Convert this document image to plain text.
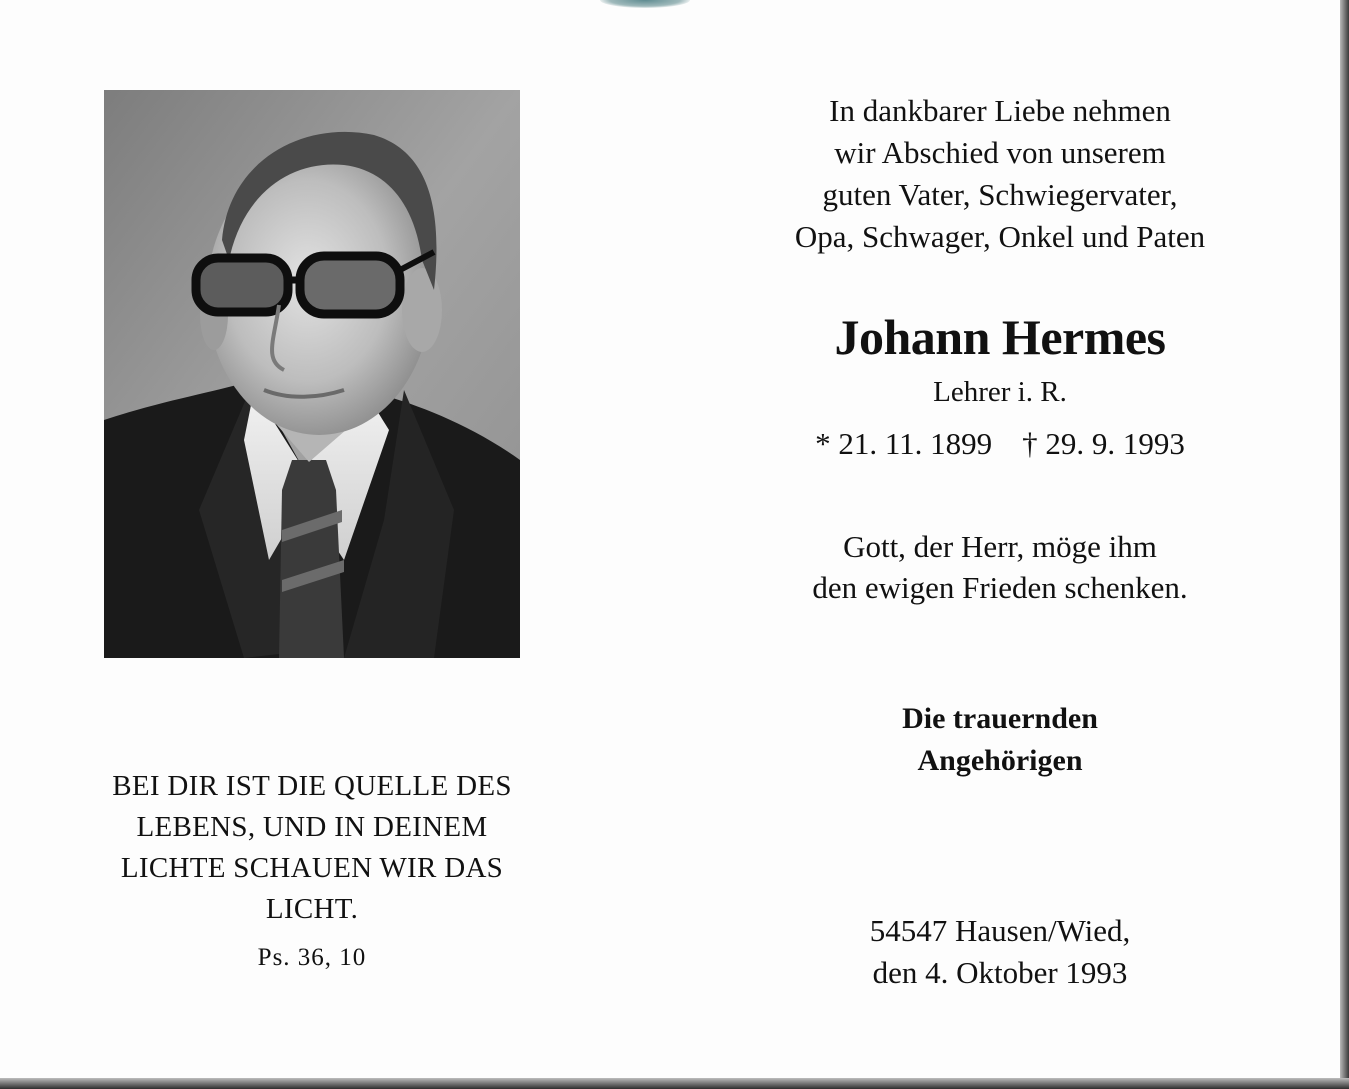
BEI DIR IST DIE QUELLE DES
LEBENS, UND IN DEINEM
LICHTE SCHAUEN WIR DAS
LICHT.
Ps. 36, 10
In dankbarer Liebe nehmen
wir Abschied von unserem
guten Vater, Schwiegervater,
Opa, Schwager, Onkel und Paten
Johann Hermes
Lehrer i. R.
* 21. 11. 1899 † 29. 9. 1993
Gott, der Herr, möge ihm
den ewigen Frieden schenken.
Die trauernden
Angehörigen
54547 Hausen/Wied,
den 4. Oktober 1993
